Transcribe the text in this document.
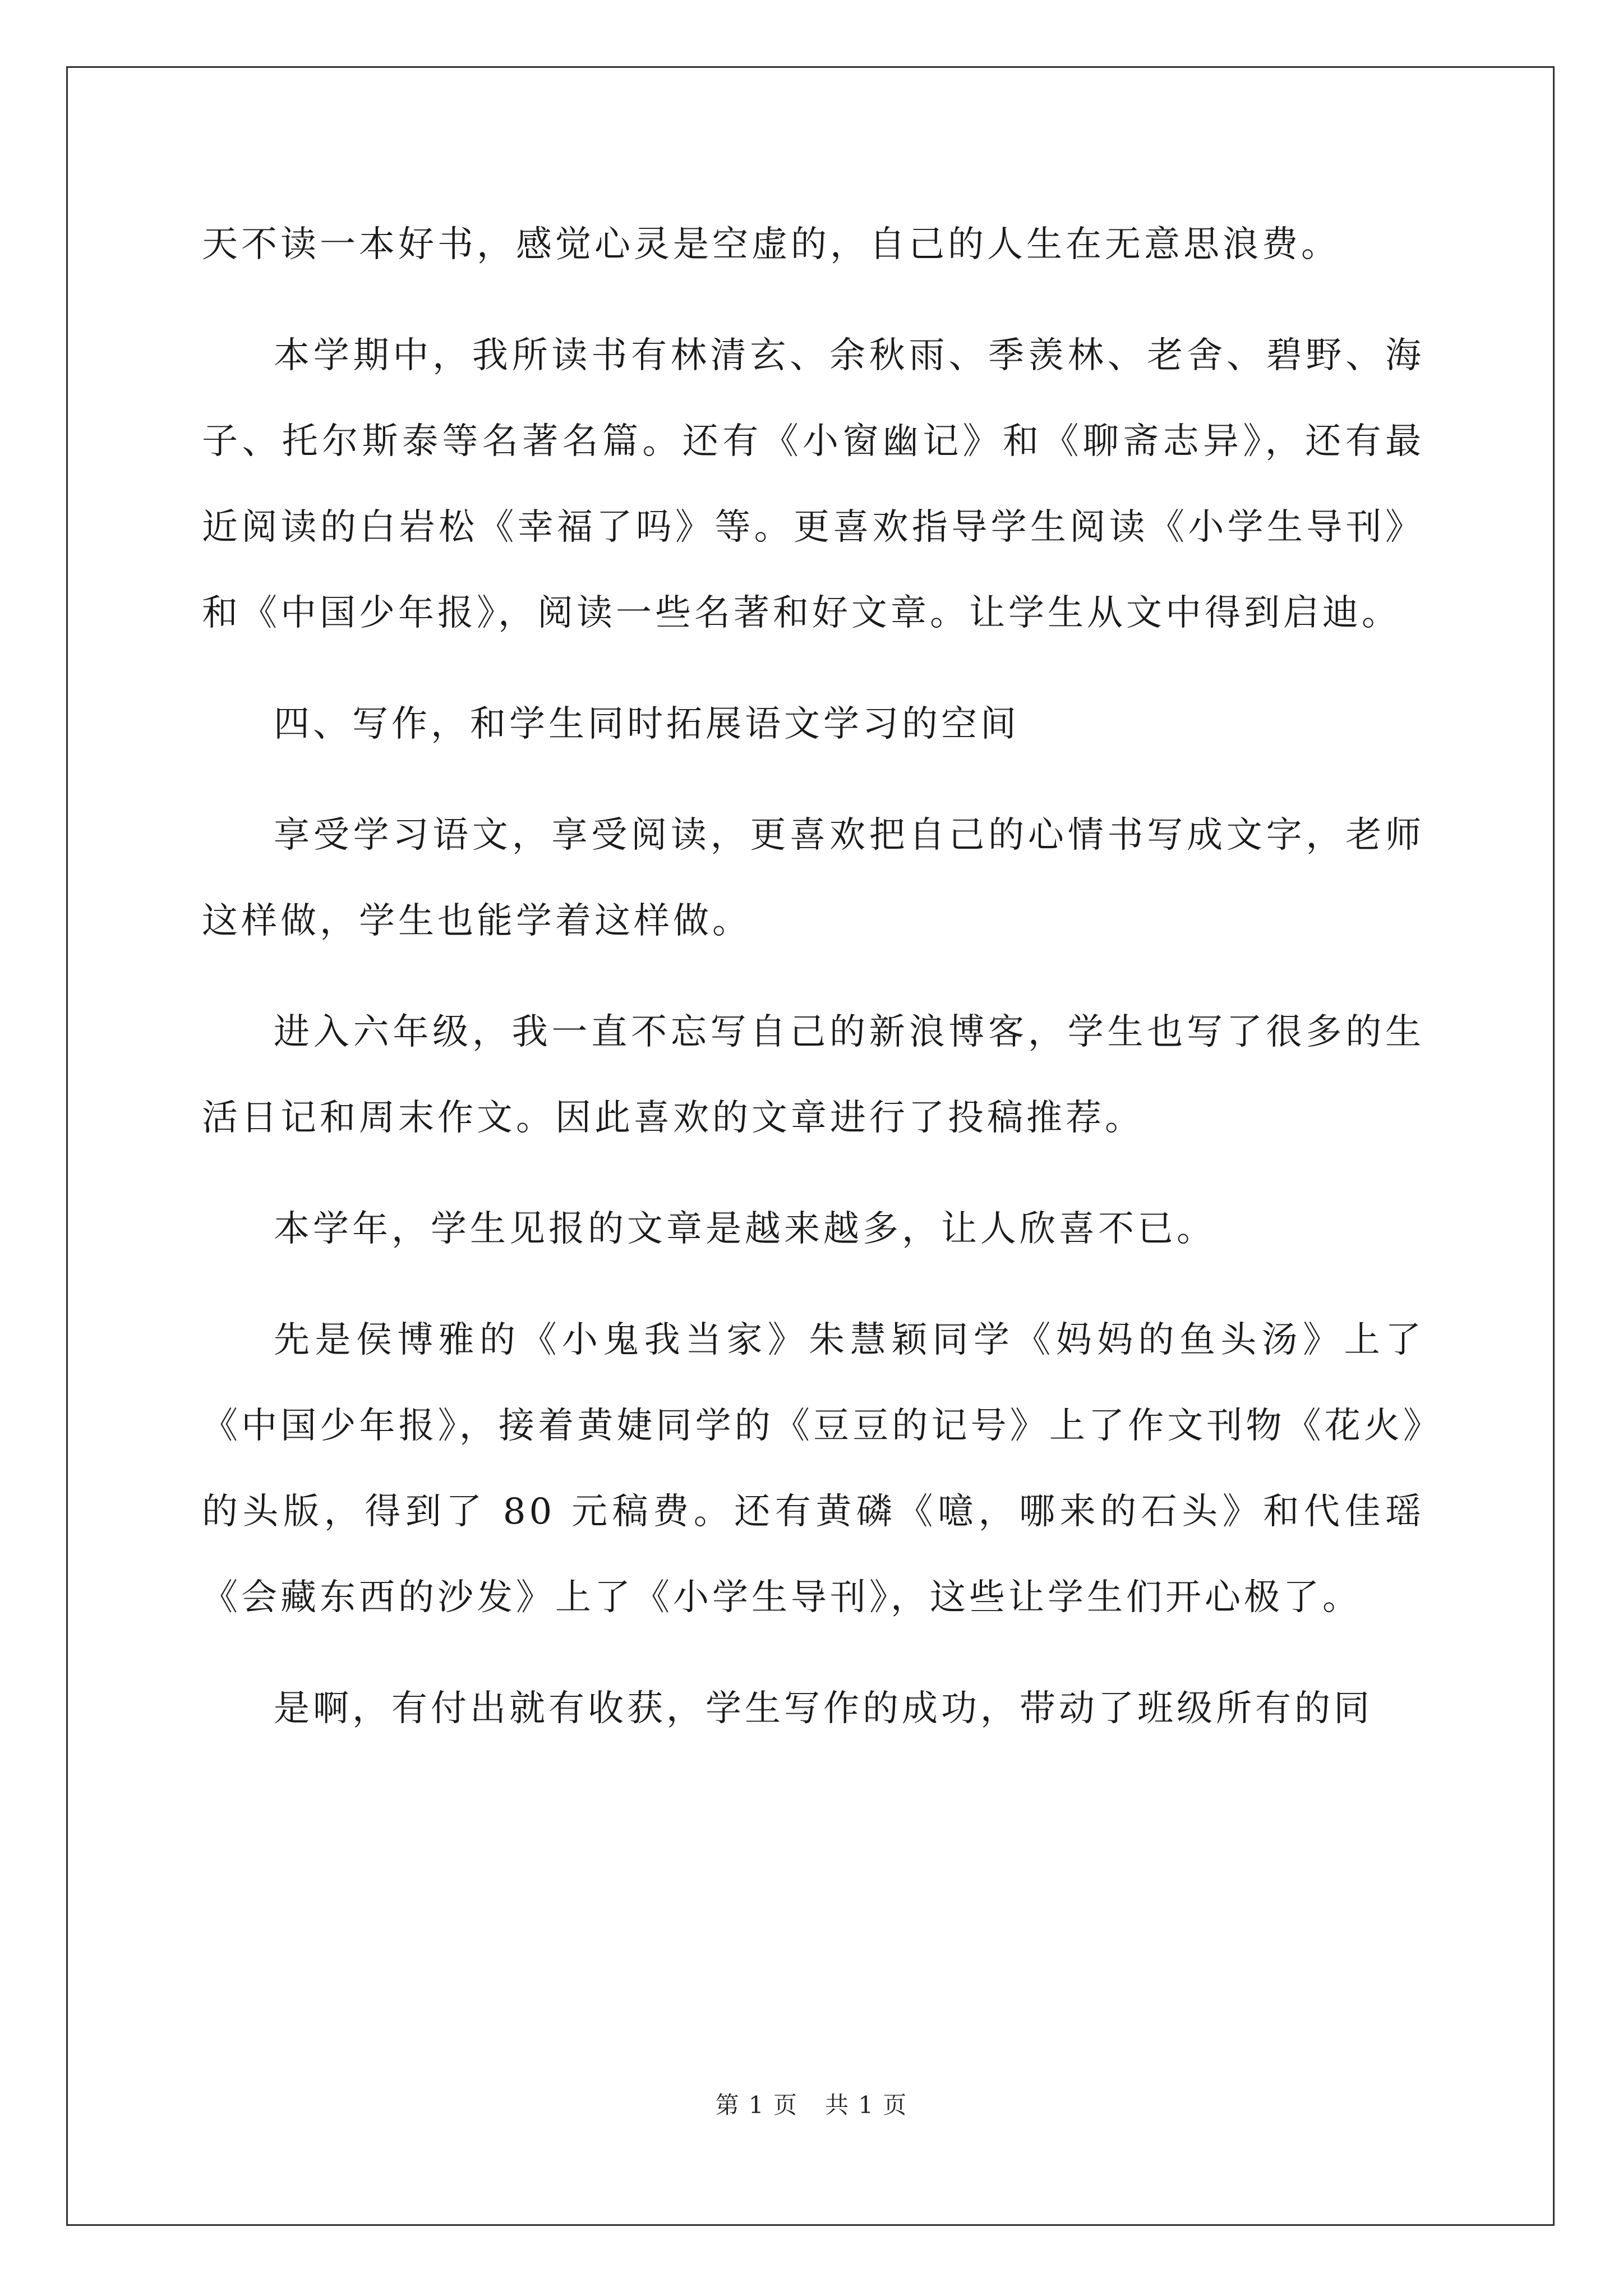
天不读一本好书，感觉心灵是空虚的，自己的人生在无意思浪费。

本学期中，我所读书有林清玄、余秋雨、季羡林、老舍、碧野、海子、托尔斯泰等名著名篇。还有《小窗幽记》和《聊斋志异》，还有最近阅读的白岩松《幸福了吗》等。更喜欢指导学生阅读《小学生导刊》和《中国少年报》，阅读一些名著和好文章。让学生从文中得到启迪。

四、写作，和学生同时拓展语文学习的空间

享受学习语文，享受阅读，更喜欢把自己的心情书写成文字，老师这样做，学生也能学着这样做。

进入六年级，我一直不忘写自己的新浪博客，学生也写了很多的生活日记和周末作文。因此喜欢的文章进行了投稿推荐。

本学年，学生见报的文章是越来越多，让人欣喜不已。

先是侯博雅的《小鬼我当家》朱慧颖同学《妈妈的鱼头汤》上了《中国少年报》，接着黄婕同学的《豆豆的记号》上了作文刊物《花火》的头版，得到了 80 元稿费。还有黄磷《噫，哪来的石头》和代佳瑶《会藏东西的沙发》上了《小学生导刊》，这些让学生们开心极了。

是啊，有付出就有收获，学生写作的成功，带动了班级所有的同

第 1 页 共 1 页
